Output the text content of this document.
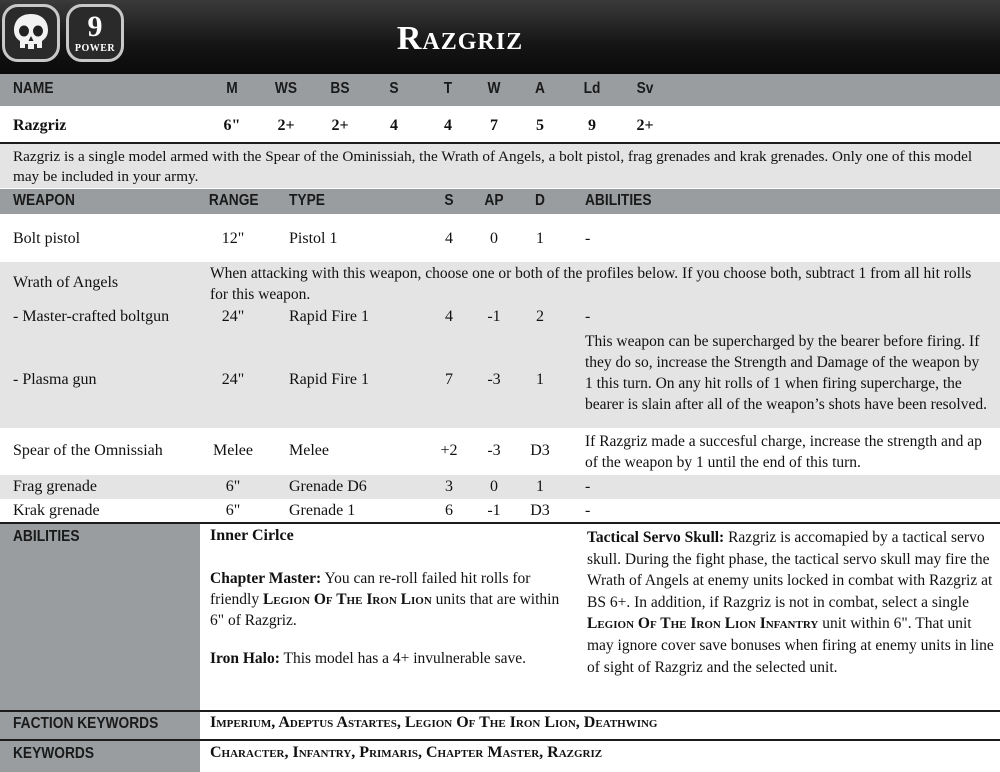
9
POWER	Razgriz
NAME	M	WS	BS	S	T	W	A	Ld	Sv
Razgriz	6"	2+	2+	4	4	7	5	9	2+
Razgriz is a single model armed with the Spear of the Ominissiah, the Wrath of Angels, a bolt pistol, frag grenades and krak grenades. Only one of this model may be included in your army.
WEAPON	RANGE TYPE	S	AP	D	ABILITIES
Bolt pistol	12"	Pistol 1	4	0	1	-
Wrath of Angels
When attacking with this weapon, choose one or both of the profiles below. If you choose both, subtract 1 from all hit rolls for this weapon.
- Master-crafted boltgun	24"	Rapid Fire 1	4	-1	2	-
- Plasma gun	24"	Rapid Fire 1	7	-3	1
This weapon can be supercharged by the bearer before firing. If they do so, increase the Strength and Damage of the weapon by 1 this turn. On any hit rolls of 1 when firing supercharge, the bearer is slain after all of the weapon’s shots have been resolved.
Spear of the Omnissiah	Melee	Melee	+2	-3	D3
If Razgriz made a succesful charge, increase the strength and ap of the weapon by 1 until the end of this turn.
Frag grenade	6"	Grenade D6	3	0	1	-
Krak grenade	6"	Grenade 1	6	-1	D3 -
ABILITIES	Inner Cirlce
Chapter Master: You can re-roll failed hit rolls for friendly Legion Of The Iron Lion units that are within 6" of Razgriz.
Iron Halo: This model has a 4+ invulnerable save.
Tactical Servo Skull: Razgriz is accomapied by a tactical servo skull. During the fight phase, the tactical servo skull may fire the Wrath of Angels at enemy units locked in combat with Razgriz at BS 6+. In addition, if Razgriz is not in combat, select a single Legion Of The Iron Lion Infantry unit within 6". That unit may ignore cover save bonuses when firing at enemy units in line of sight of Razgriz and the selected unit.
FACTION KEYWORDS	Imperium, Adeptus Astartes, Legion Of The Iron Lion, Deathwing
KEYWORDS	Character, Infantry, Primaris, Chapter Master, Razgriz
